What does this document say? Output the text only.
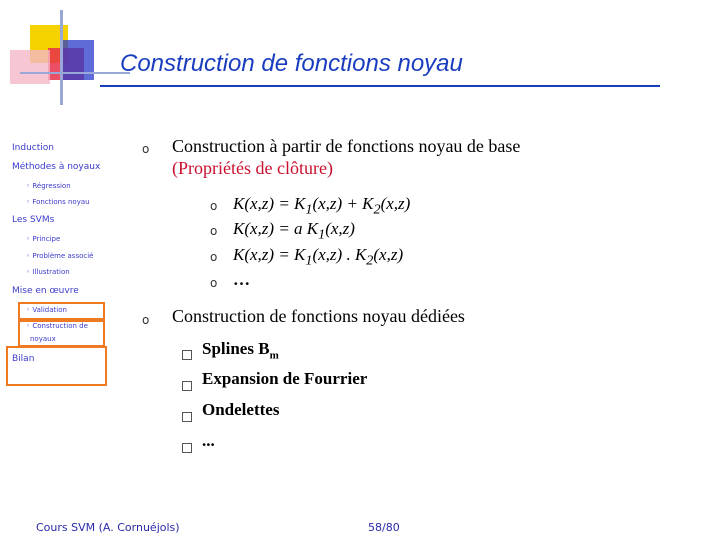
Construction de fonctions noyau
Induction
Méthodes à noyaux
◦ Régression
◦ Fonctions noyau
Les SVMs
◦ Principe
◦ Problème associé
◦ Illustration
Mise en œuvre
◦ Validation
◦ Construction de
noyaux
Bilan
o Construction à partir de fonctions noyau de base
(Propriétés de clôture)
o $K(x,z) = K_1(x,z) + K_2(x,z)$
o K(x,z) = a $K_1(x,z)$
o $K(x,z) = K_1(x,z)$ . $K_2(x,z)$
o …
o Construction de fonctions noyau dédiées
Splines $B_m$
Expansion de Fourrier
Ondelettes
...
Cours SVM (A. Cornuéjols)	58/80
